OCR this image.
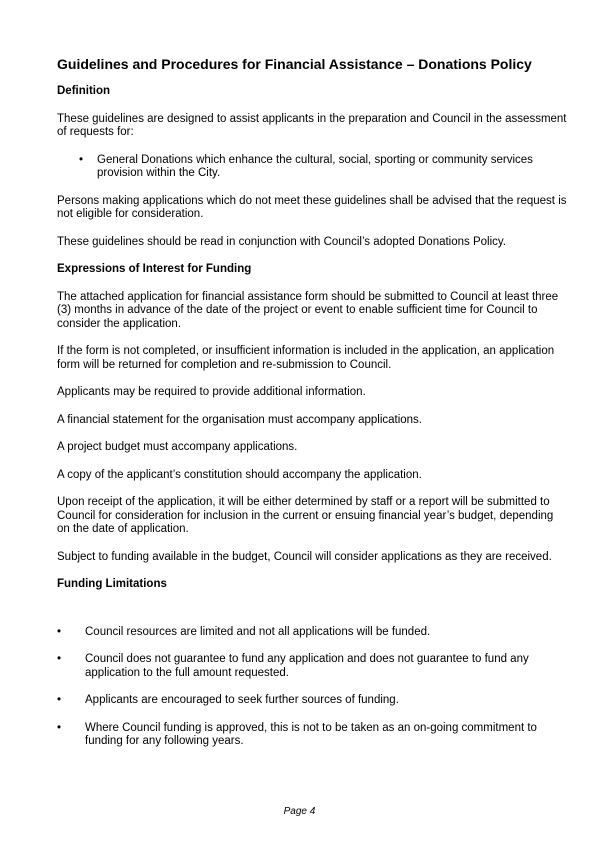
Guidelines and Procedures for Financial Assistance – Donations Policy
Definition

These guidelines are designed to assist applicants in the preparation and Council in the assessment of requests for:

• General Donations which enhance the cultural, social, sporting or community services provision within the City.

Persons making applications which do not meet these guidelines shall be advised that the request is not eligible for consideration.

These guidelines should be read in conjunction with Council’s adopted Donations Policy.

Expressions of Interest for Funding

The attached application for financial assistance form should be submitted to Council at least three (3) months in advance of the date of the project or event to enable sufficient time for Council to consider the application.

If the form is not completed, or insufficient information is included in the application, an application form will be returned for completion and re-submission to Council.

Applicants may be required to provide additional information.

A financial statement for the organisation must accompany applications.

A project budget must accompany applications.

A copy of the applicant’s constitution should accompany the application.

Upon receipt of the application, it will be either determined by staff or a report will be submitted to Council for consideration for inclusion in the current or ensuing financial year’s budget, depending on the date of application.

Subject to funding available in the budget, Council will consider applications as they are received.

Funding Limitations
• Council resources are limited and not all applications will be funded.
• Council does not guarantee to fund any application and does not guarantee to fund any application to the full amount requested.
• Applicants are encouraged to seek further sources of funding.
• Where Council funding is approved, this is not to be taken as an on-going commitment to funding for any following years.
Page 4
